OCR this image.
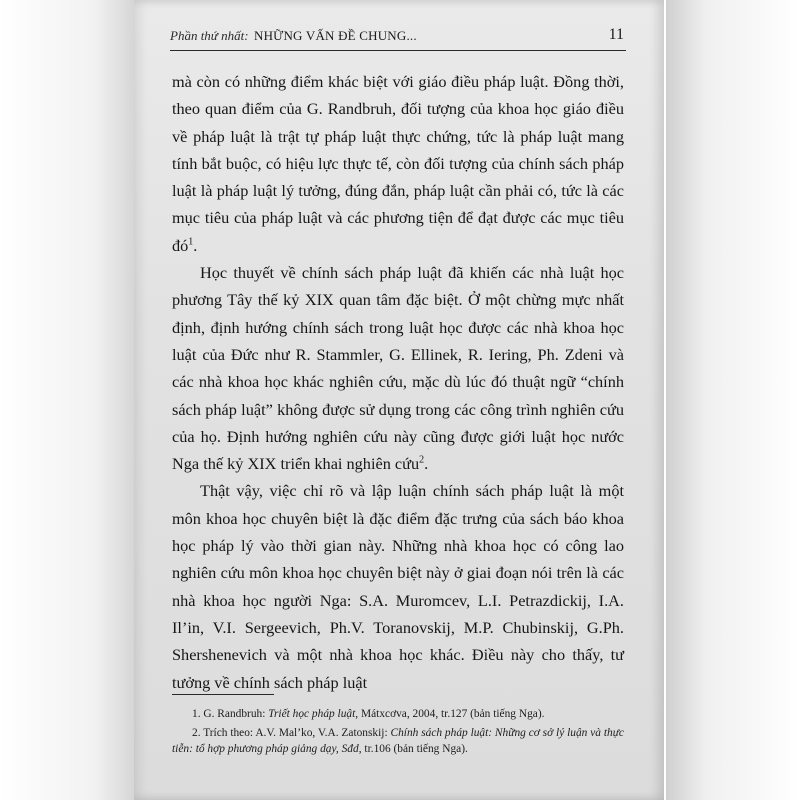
Phần thứ nhất: NHỮNG VẤN ĐỀ CHUNG...	11

mà còn có những điểm khác biệt với giáo điều pháp luật. Đồng thời, theo quan điểm của G. Randbruh, đối tượng của khoa học giáo điều về pháp luật là trật tự pháp luật thực chứng, tức là pháp luật mang tính bắt buộc, có hiệu lực thực tế, còn đối tượng của chính sách pháp luật là pháp luật lý tưởng, đúng đắn, pháp luật cần phải có, tức là các mục tiêu của pháp luật và các phương tiện để đạt được các mục tiêu $đó^1$.

Học thuyết về chính sách pháp luật đã khiến các nhà luật học phương Tây thế kỷ XIX quan tâm đặc biệt. Ở một chừng mực nhất định, định hướng chính sách trong luật học được các nhà khoa học luật của Đức như R. Stammler, G. Ellinek, R. Iering, Ph. Zdeni và các nhà khoa học khác nghiên cứu, mặc dù lúc đó thuật ngữ “chính sách pháp luật” không được sử dụng trong các công trình nghiên cứu của họ. Định hướng nghiên cứu này cũng được giới luật học nước Nga thế kỷ XIX triển khai nghiên cứu$^2$.

Thật vậy, việc chỉ rõ và lập luận chính sách pháp luật là một môn khoa học chuyên biệt là đặc điểm đặc trưng của sách báo khoa học pháp lý vào thời gian này. Những nhà khoa học có công lao nghiên cứu môn khoa học chuyên biệt này ở giai đoạn nói trên là các nhà khoa học người Nga: S.A. Muromcev, L.I. Petrazdickij, I.A. Il’in, V.I. Sergeevich, Ph.V. Toranovskij, M.P. Chubinskij, G.Ph. Shershenevich và một nhà khoa học khác. Điều này cho thấy, tư tưởng về chính sách pháp luật

1. G. Randbruh: Triết học pháp luật, Mátxcơva, 2004, tr.127 (bản tiếng Nga).

2. Trích theo: A.V. Mal’ko, V.A. Zatonskij: Chính sách pháp luật: Những cơ sở lý luận và thực tiễn: tổ hợp phương pháp giảng dạy, Sđd, tr.106 (bản tiếng Nga).
